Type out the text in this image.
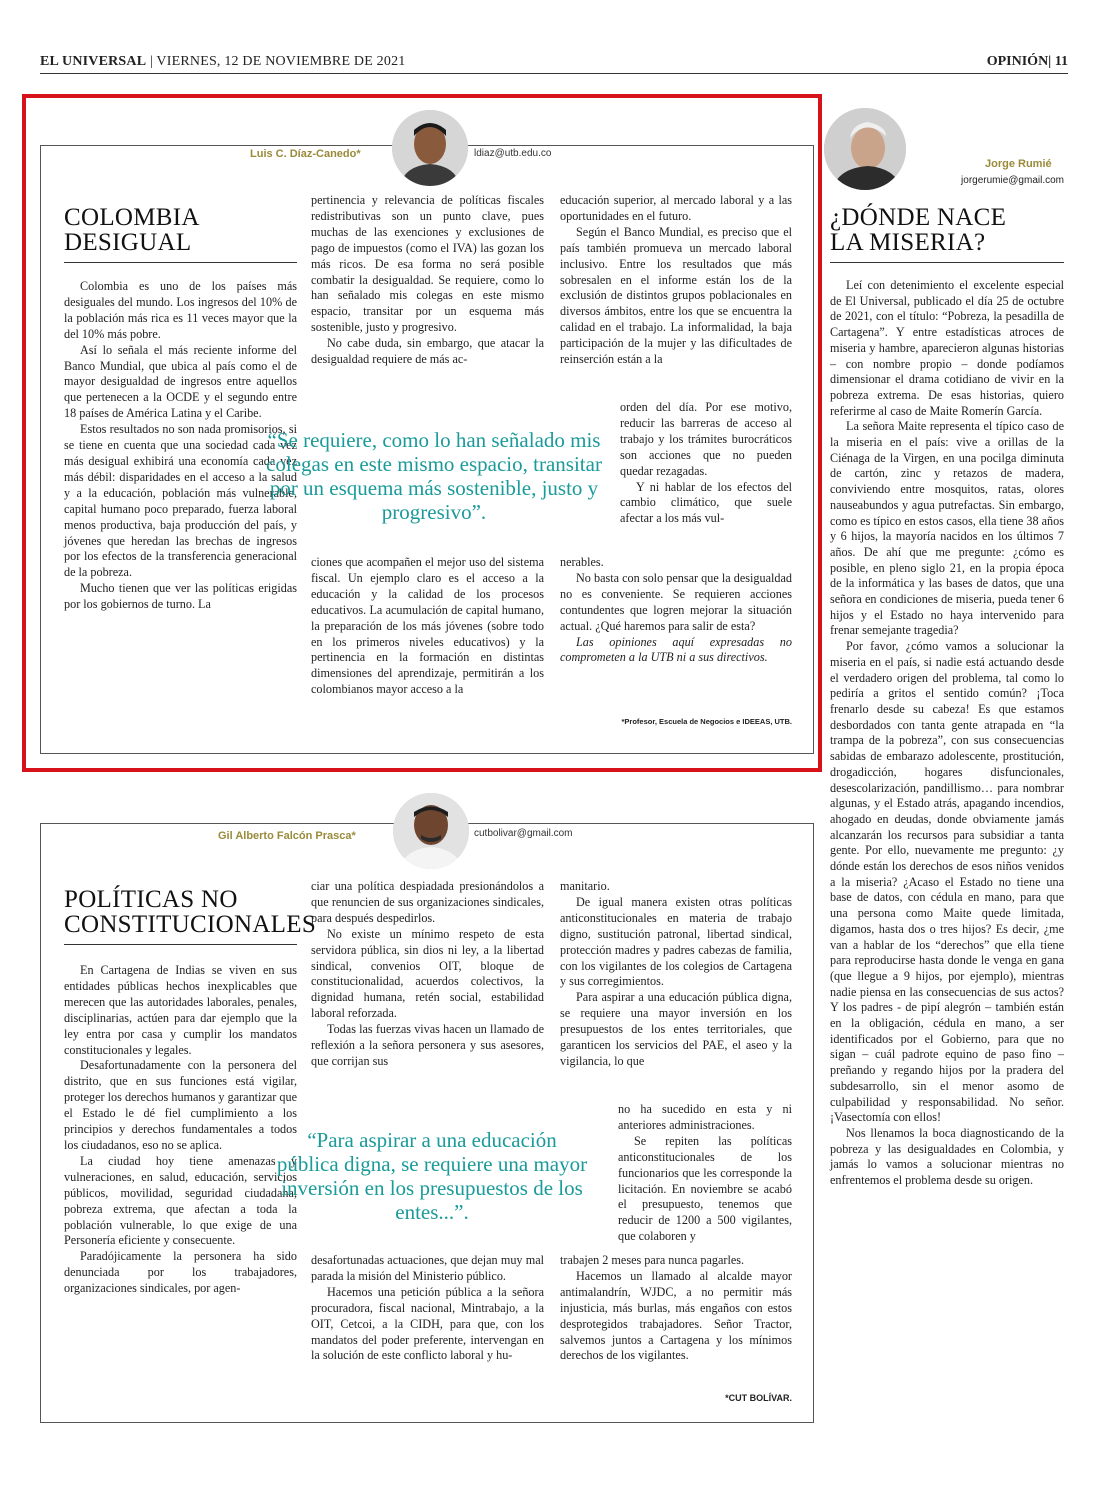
EL UNIVERSAL | VIERNES, 12 DE NOVIEMBRE DE 2021	OPINIÓN| 11
Luis C. Díaz-Canedo*	ldiaz@utb.edu.co
COLOMBIA
DESIGUAL

Colombia es uno de los países más desiguales del mundo. Los ingresos del 10% de la población más rica es 11 veces mayor que la del 10% más pobre.

Así lo señala el más reciente informe del Banco Mundial, que ubica al país como el de mayor desigualdad de ingresos entre aquellos que pertenecen a la OCDE y el segundo entre 18 países de América Latina y el Caribe.

Estos resultados no son nada promisorios, si se tiene en cuenta que una sociedad cada vez más desigual exhibirá una economía cada vez más débil: disparidades en el acceso a la salud y a la educación, población más vulnerable, capital humano poco preparado, fuerza laboral menos productiva, baja producción del país, y jóvenes que heredan las brechas de ingresos por los efectos de la transferencia generacional de la pobreza.

Mucho tienen que ver las políticas erigidas por los gobiernos de turno. La

pertinencia y relevancia de políticas fiscales redistributivas son un punto clave, pues muchas de las exenciones y exclusiones de pago de impuestos (como el IVA) las gozan los más ricos. De esa forma no será posible combatir la desigualdad. Se requiere, como lo han señalado mis colegas en este mismo espacio, transitar por un esquema más sostenible, justo y progresivo.

No cabe duda, sin embargo, que atacar la desigualdad requiere de más ac-

ciones que acompañen el mejor uso del sistema fiscal. Un ejemplo claro es el acceso a la educación y la calidad de los procesos educativos. La acumulación de capital humano, la preparación de los más jóvenes (sobre todo en los primeros niveles educativos) y la pertinencia en la formación en distintas dimensiones del aprendizaje, permitirán a los colombianos mayor acceso a la

educación superior, al mercado laboral y a las oportunidades en el futuro.

Según el Banco Mundial, es preciso que el país también promueva un mercado laboral inclusivo. Entre los resultados que más sobresalen en el informe están los de la exclusión de distintos grupos poblacionales en diversos ámbitos, entre los que se encuentra la calidad en el trabajo. La informalidad, la baja participación de la mujer y las dificultades de reinserción están a la

orden del día. Por ese motivo, reducir las barreras de acceso al trabajo y los trámites burocráticos son acciones que no pueden quedar rezagadas.

Y ni hablar de los efectos del cambio climático, que suele afectar a los más vul-

nerables.

No basta con solo pensar que la desigualdad no es conveniente. Se requieren acciones contundentes que logren mejorar la situación actual. ¿Qué haremos para salir de esta?

Las opiniones aquí expresadas no comprometen a la UTB ni a sus directivos.

“Se requiere, como lo han señalado mis colegas en este mismo espacio, transitar por un esquema más sostenible, justo y progresivo”.
*Profesor, Escuela de Negocios e IDEEAS, UTB.
Gil Alberto Falcón Prasca*	cutbolivar@gmail.com
POLÍTICAS NO
CONSTITUCIONALES

En Cartagena de Indias se viven en sus entidades públicas hechos inexplicables que merecen que las autoridades laborales, penales, disciplinarias, actúen para dar ejemplo que la ley entra por casa y cumplir los mandatos constitucionales y legales.

Desafortunadamente con la personera del distrito, que en sus funciones está vigilar, proteger los derechos humanos y garantizar que el Estado le dé fiel cumplimiento a los principios y derechos fundamentales a todos los ciudadanos, eso no se aplica.

La ciudad hoy tiene amenazas y vulneraciones, en salud, educación, servicios públicos, movilidad, seguridad ciudadana, pobreza extrema, que afectan a toda la población vulnerable, lo que exige de una Personería eficiente y consecuente.

Paradójicamente la personera ha sido denunciada por los trabajadores, organizaciones sindicales, por agen-

ciar una política despiadada presionándolos a que renuncien de sus organizaciones sindicales, para después despedirlos.

No existe un mínimo respeto de esta servidora pública, sin dios ni ley, a la libertad sindical, convenios OIT, bloque de constitucionalidad, acuerdos colectivos, la dignidad humana, retén social, estabilidad laboral reforzada.

Todas las fuerzas vivas hacen un llamado de reflexión a la señora personera y sus asesores, que corrijan sus

desafortunadas actuaciones, que dejan muy mal parada la misión del Ministerio público.

Hacemos una petición pública a la señora procuradora, fiscal nacional, Mintrabajo, a la OIT, Cetcoi, a la CIDH, para que, con los mandatos del poder preferente, intervengan en la solución de este conflicto laboral y hu-

manitario.

De igual manera existen otras políticas anticonstitucionales en materia de trabajo digno, sustitución patronal, libertad sindical, protección madres y padres cabezas de familia, con los vigilantes de los colegios de Cartagena y sus corregimientos.

Para aspirar a una educación pública digna, se requiere una mayor inversión en los presupuestos de los entes territoriales, que garanticen los servicios del PAE, el aseo y la vigilancia, lo que

no ha sucedido en esta y ni anteriores administraciones.

Se repiten las políticas anticonstitucionales de los funcionarios que les corresponde la licitación. En noviembre se acabó el presupuesto, tenemos que reducir de 1200 a 500 vigilantes, que colaboren y

trabajen 2 meses para nunca pagarles.

Hacemos un llamado al alcalde mayor antimalandrín, WJDC, a no permitir más injusticia, más burlas, más engaños con estos desprotegidos trabajadores. Señor Tractor, salvemos juntos a Cartagena y los mínimos derechos de los vigilantes.

“Para aspirar a una educación pública digna, se requiere una mayor inversión en los presupuestos de los entes...”.
*CUT BOLÍVAR.
Jorge Rumié
jorgerumie@gmail.com
¿DÓNDE NACE
LA MISERIA?

Leí con detenimiento el excelente especial de El Universal, publicado el día 25 de octubre de 2021, con el título: “Pobreza, la pesadilla de Cartagena”. Y entre estadísticas atroces de miseria y hambre, aparecieron algunas historias – con nombre propio – donde podíamos dimensionar el drama cotidiano de vivir en la pobreza extrema. De esas historias, quiero referirme al caso de Maite Romerín García.

La señora Maite representa el típico caso de la miseria en el país: vive a orillas de la Ciénaga de la Virgen, en una pocilga diminuta de cartón, zinc y retazos de madera, conviviendo entre mosquitos, ratas, olores nauseabundos y agua putrefactas. Sin embargo, como es típico en estos casos, ella tiene 38 años y 6 hijos, la mayoría nacidos en los últimos 7 años. De ahí que me pregunte: ¿cómo es posible, en pleno siglo 21, en la propia época de la informática y las bases de datos, que una señora en condiciones de miseria, pueda tener 6 hijos y el Estado no haya intervenido para frenar semejante tragedia?

Por favor, ¿cómo vamos a solucionar la miseria en el país, si nadie está actuando desde el verdadero origen del problema, tal como lo pediría a gritos el sentido común? ¡Toca frenarlo desde su cabeza! Es que estamos desbordados con tanta gente atrapada en “la trampa de la pobreza”, con sus consecuencias sabidas de embarazo adolescente, prostitución, drogadicción, hogares disfuncionales, desescolarización, pandillismo… para nombrar algunas, y el Estado atrás, apagando incendios, ahogado en deudas, donde obviamente jamás alcanzarán los recursos para subsidiar a tanta gente. Por ello, nuevamente me pregunto: ¿y dónde están los derechos de esos niños venidos a la miseria? ¿Acaso el Estado no tiene una base de datos, con cédula en mano, para que una persona como Maite quede limitada, digamos, hasta dos o tres hijos? Es decir, ¿me van a hablar de los “derechos” que ella tiene para reproducirse hasta donde le venga en gana (que llegue a 9 hijos, por ejemplo), mientras nadie piensa en las consecuencias de sus actos? Y los padres - de pipí alegrón – también están en la obligación, cédula en mano, a ser identificados por el Gobierno, para que no sigan – cuál padrote equino de paso fino – preñando y regando hijos por la pradera del subdesarrollo, sin el menor asomo de culpabilidad y responsabilidad. No señor. ¡Vasectomía con ellos!

Nos llenamos la boca diagnosticando de la pobreza y las desigualdades en Colombia, y jamás lo vamos a solucionar mientras no enfrentemos el problema desde su origen.
